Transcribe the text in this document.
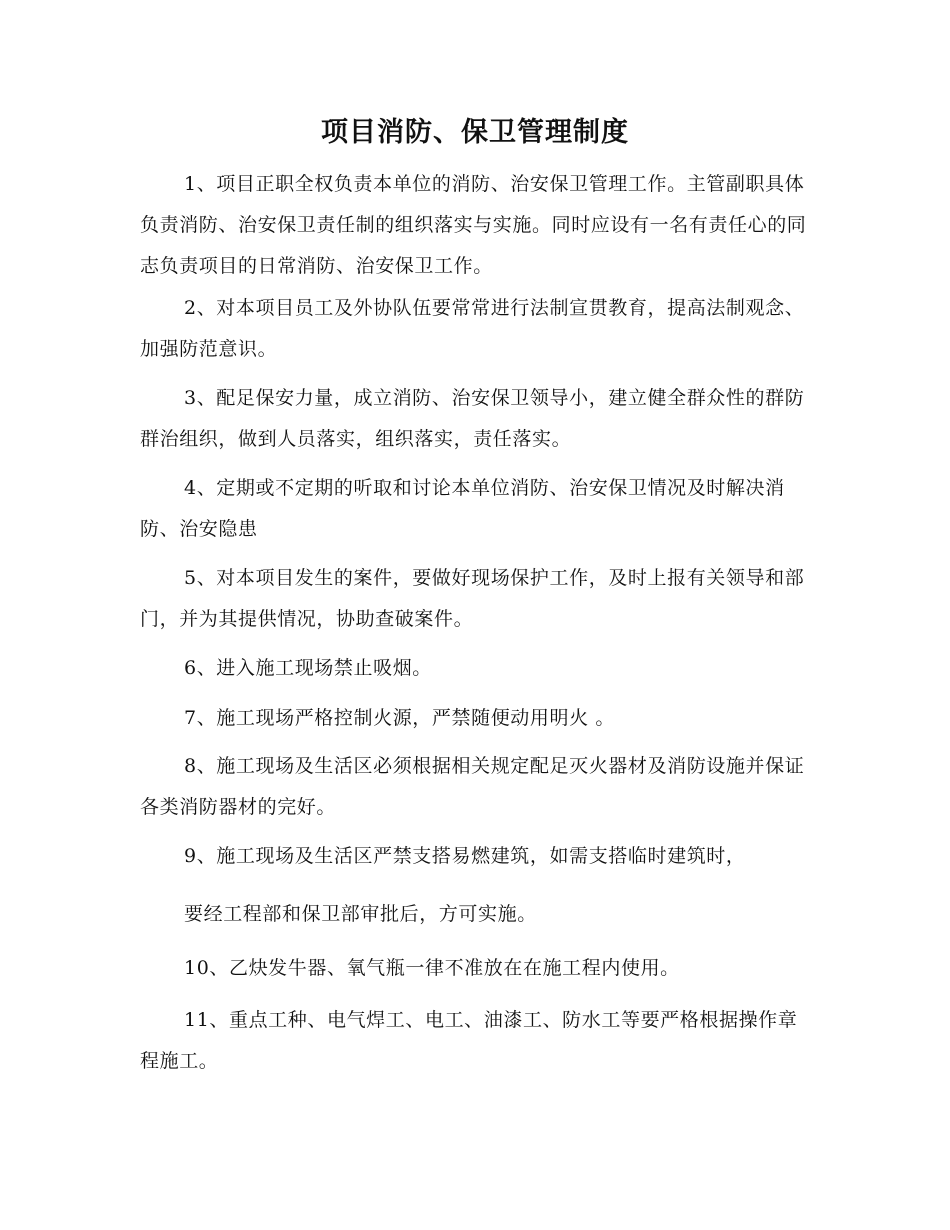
项目消防、保卫管理制度
1、项目正职全权负责本单位的消防、治安保卫管理工作。主管副职具体负责消防、治安保卫责任制的组织落实与实施。同时应设有一名有责任心的同志负责项目的日常消防、治安保卫工作。
2、对本项目员工及外协队伍要常常进行法制宣贯教育，提高法制观念、 加强防范意识。
3、配足保安力量，成立消防、治安保卫领导小，建立健全群众性的群防群治组织，做到人员落实，组织落实，责任落实。
4、定期或不定期的听取和讨论本单位消防、治安保卫情况及时解决消防、治安隐患
5、对本项目发生的案件，要做好现场保护工作，及时上报有关领导和部门，并为其提供情况，协助查破案件。
6、进入施工现场禁止吸烟。
7、施工现场严格控制火源，严禁随便动用明火 。
8、施工现场及生活区必须根据相关规定配足灭火器材及消防设施并保证各类消防器材的完好。
9、施工现场及生活区严禁支搭易燃建筑，如需支搭临时建筑时，
要经工程部和保卫部审批后，方可实施。
10、乙炔发牛器、氧气瓶一律不准放在在施工程内使用。
11、重点工种、电气焊工、电工、油漆工、防水工等要严格根据操作章程施工。
